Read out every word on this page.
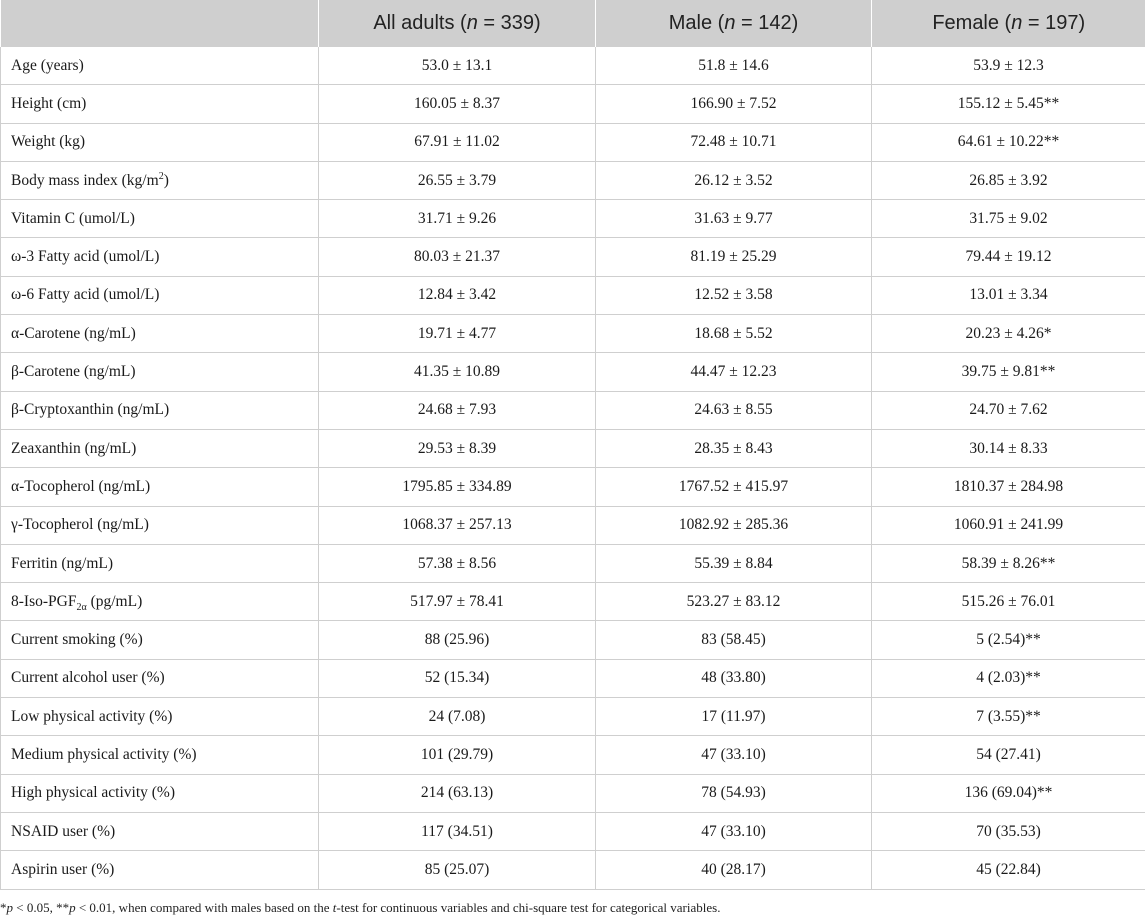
	All adults (n = 339)	Male (n = 142)	Female (n = 197)
Age (years)	53.0 ± 13.1	51.8 ± 14.6	53.9 ± 12.3
Height (cm)	160.05 ± 8.37	166.90 ± 7.52	155.12 ± 5.45**
Weight (kg)	67.91 ± 11.02	72.48 ± 10.71	64.61 ± 10.22**
Body mass index $(kg/m^2)$	26.55 ± 3.79	26.12 ± 3.52	26.85 ± 3.92
Vitamin C (umol/L)	31.71 ± 9.26	31.63 ± 9.77	31.75 ± 9.02
ω-3 Fatty acid (umol/L)	80.03 ± 21.37	81.19 ± 25.29	79.44 ± 19.12
ω-6 Fatty acid (umol/L)	12.84 ± 3.42	12.52 ± 3.58	13.01 ± 3.34
α-Carotene (ng/mL)	19.71 ± 4.77	18.68 ± 5.52	20.23 ± 4.26*
β-Carotene (ng/mL)	41.35 ± 10.89	44.47 ± 12.23	39.75 ± 9.81**
β-Cryptoxanthin (ng/mL)	24.68 ± 7.93	24.63 ± 8.55	24.70 ± 7.62
Zeaxanthin (ng/mL)	29.53 ± 8.39	28.35 ± 8.43	30.14 ± 8.33
α-Tocopherol (ng/mL)	1795.85 ± 334.89	1767.52 ± 415.97	1810.37 ± 284.98
γ-Tocopherol (ng/mL)	1068.37 ± 257.13	1082.92 ± 285.36	1060.91 ± 241.99
Ferritin (ng/mL)	57.38 ± 8.56	55.39 ± 8.84	58.39 ± 8.26**
$8-Iso-PGF_{2\alpha}$ (pg/mL)	517.97 ± 78.41	523.27 ± 83.12	515.26 ± 76.01
Current smoking (%)	88 (25.96)	83 (58.45)	5 (2.54)**
Current alcohol user (%)	52 (15.34)	48 (33.80)	4 (2.03)**
Low physical activity (%)	24 (7.08)	17 (11.97)	7 (3.55)**
Medium physical activity (%)	101 (29.79)	47 (33.10)	54 (27.41)
High physical activity (%)	214 (63.13)	78 (54.93)	136 (69.04)**
NSAID user (%)	117 (34.51)	47 (33.10)	70 (35.53)
Aspirin user (%)	85 (25.07)	40 (28.17)	45 (22.84)
*p < 0.05, **p < 0.01, when compared with males based on the t-test for continuous variables and chi-square test for categorical variables.
